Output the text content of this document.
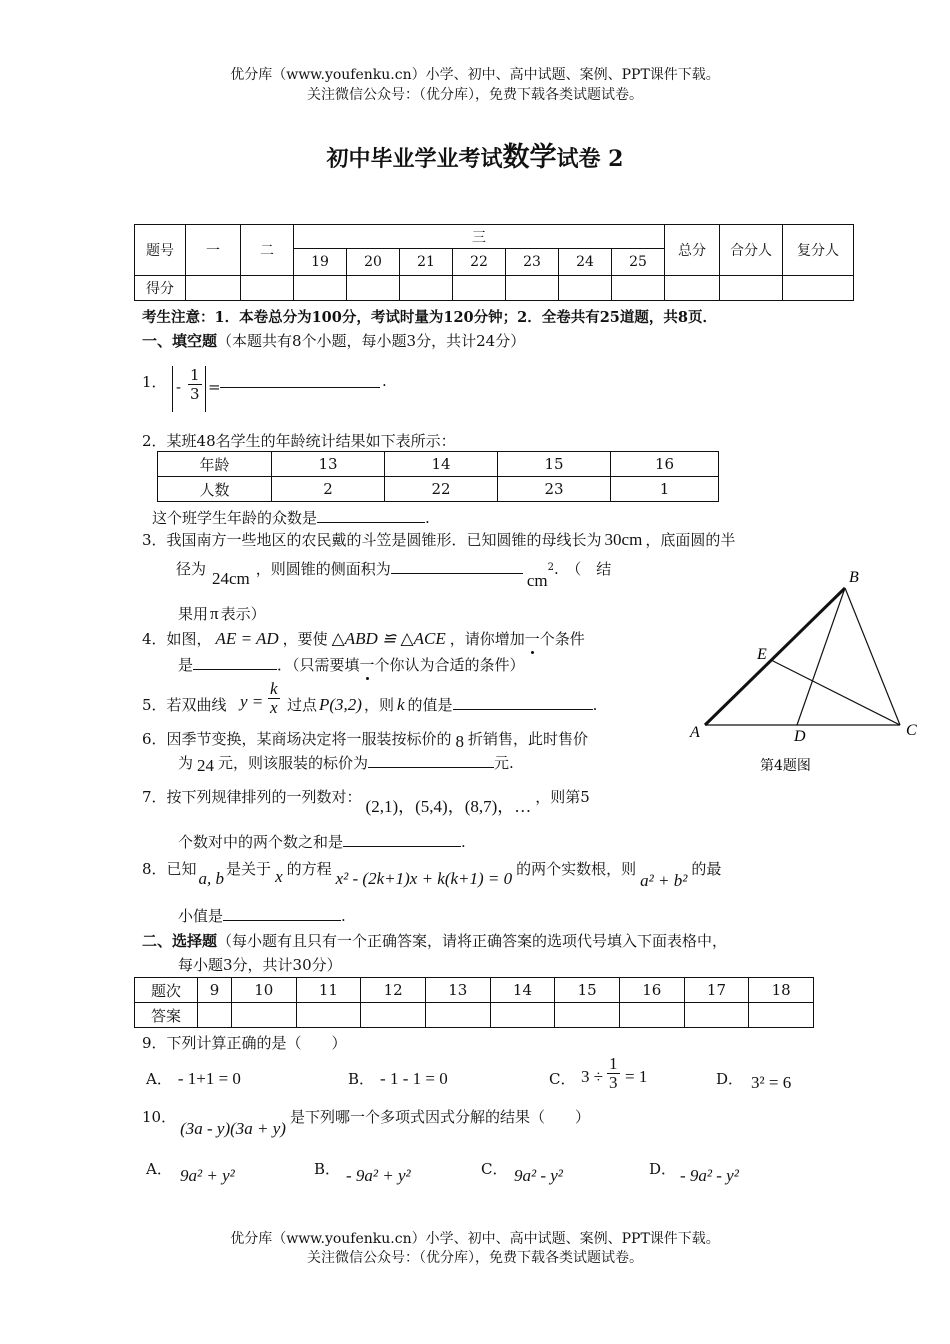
优分库（www.youfenku.cn）小学、初中、高中试题、案例、PPT课件下载。
关注微信公众号：（优分库），免费下载各类试题试卷。
初中毕业学业考试数学试卷 2
题号	一	二	三							总分	合分人	复分人
			19	20	21	22	23	24	25			
得分												
考生注意：1．本卷总分为100分，考试时量为120分钟；2．全卷共有25道题，共8页．
一、填空题（本题共有8个小题，每小题3分，共计24分）
1． - $\frac{1}{3}$ =	.
2．某班48名学生的年龄统计结果如下表所示：
年龄	13	14	15	16
人数	2	22	23	1
这个班学生年龄的众数是	.
3．我国南方一些地区的农民戴的斗笠是圆锥形．已知圆锥的母线长为 30cm ，底面圆的半
径为 24cm ，则圆锥的侧面积为$cm^2$.　（　结
果用 π 表示）
4．如图， AE = AD ，要使 △ABD ≌ △ACE ，请你增加一个条件
是	．（只需要填一个你认为合适的条件）
5．若双曲线 $y = \frac{k}{x}$ 过点 P(3,2) ，则 k 的值是	.
6．因季节变换，某商场决定将一服装按标价的 8 折销售，此时售价
为 24 元，则该服装的标价为	元.
7．按下列规律排列的一列数对： (2,1)，(5,4)，(8,7)，… ，则第5
个数对中的两个数之和是	.
8．已知 a, b 是关于 x 的方程 x² - (2k+1)x + k(k+1) = 0 的两个实数根，则a² + b²的最
小值是	.
B
A	C
D
E
第4题图
二、选择题（每小题有且只有一个正确答案，请将正确答案的选项代号填入下面表格中，
每小题3分，共计30分）
题次	9	10	11	12	13	14	15	16	17	18
答案										
9．下列计算正确的是（　　）
A． - 1+1 = 0	B． - 1 - 1 = 0	C． $3 \div \frac{1}{3} = 1$	D． 3² = 6
10．(3a - y)(3a + y)是下列哪一个多项式因式分解的结果（　　）
A． 9a² + y²	B． - 9a² + y²	C． 9a² - y²	D． - 9a² - y²
优分库（www.youfenku.cn）小学、初中、高中试题、案例、PPT课件下载。
关注微信公众号：（优分库），免费下载各类试题试卷。
